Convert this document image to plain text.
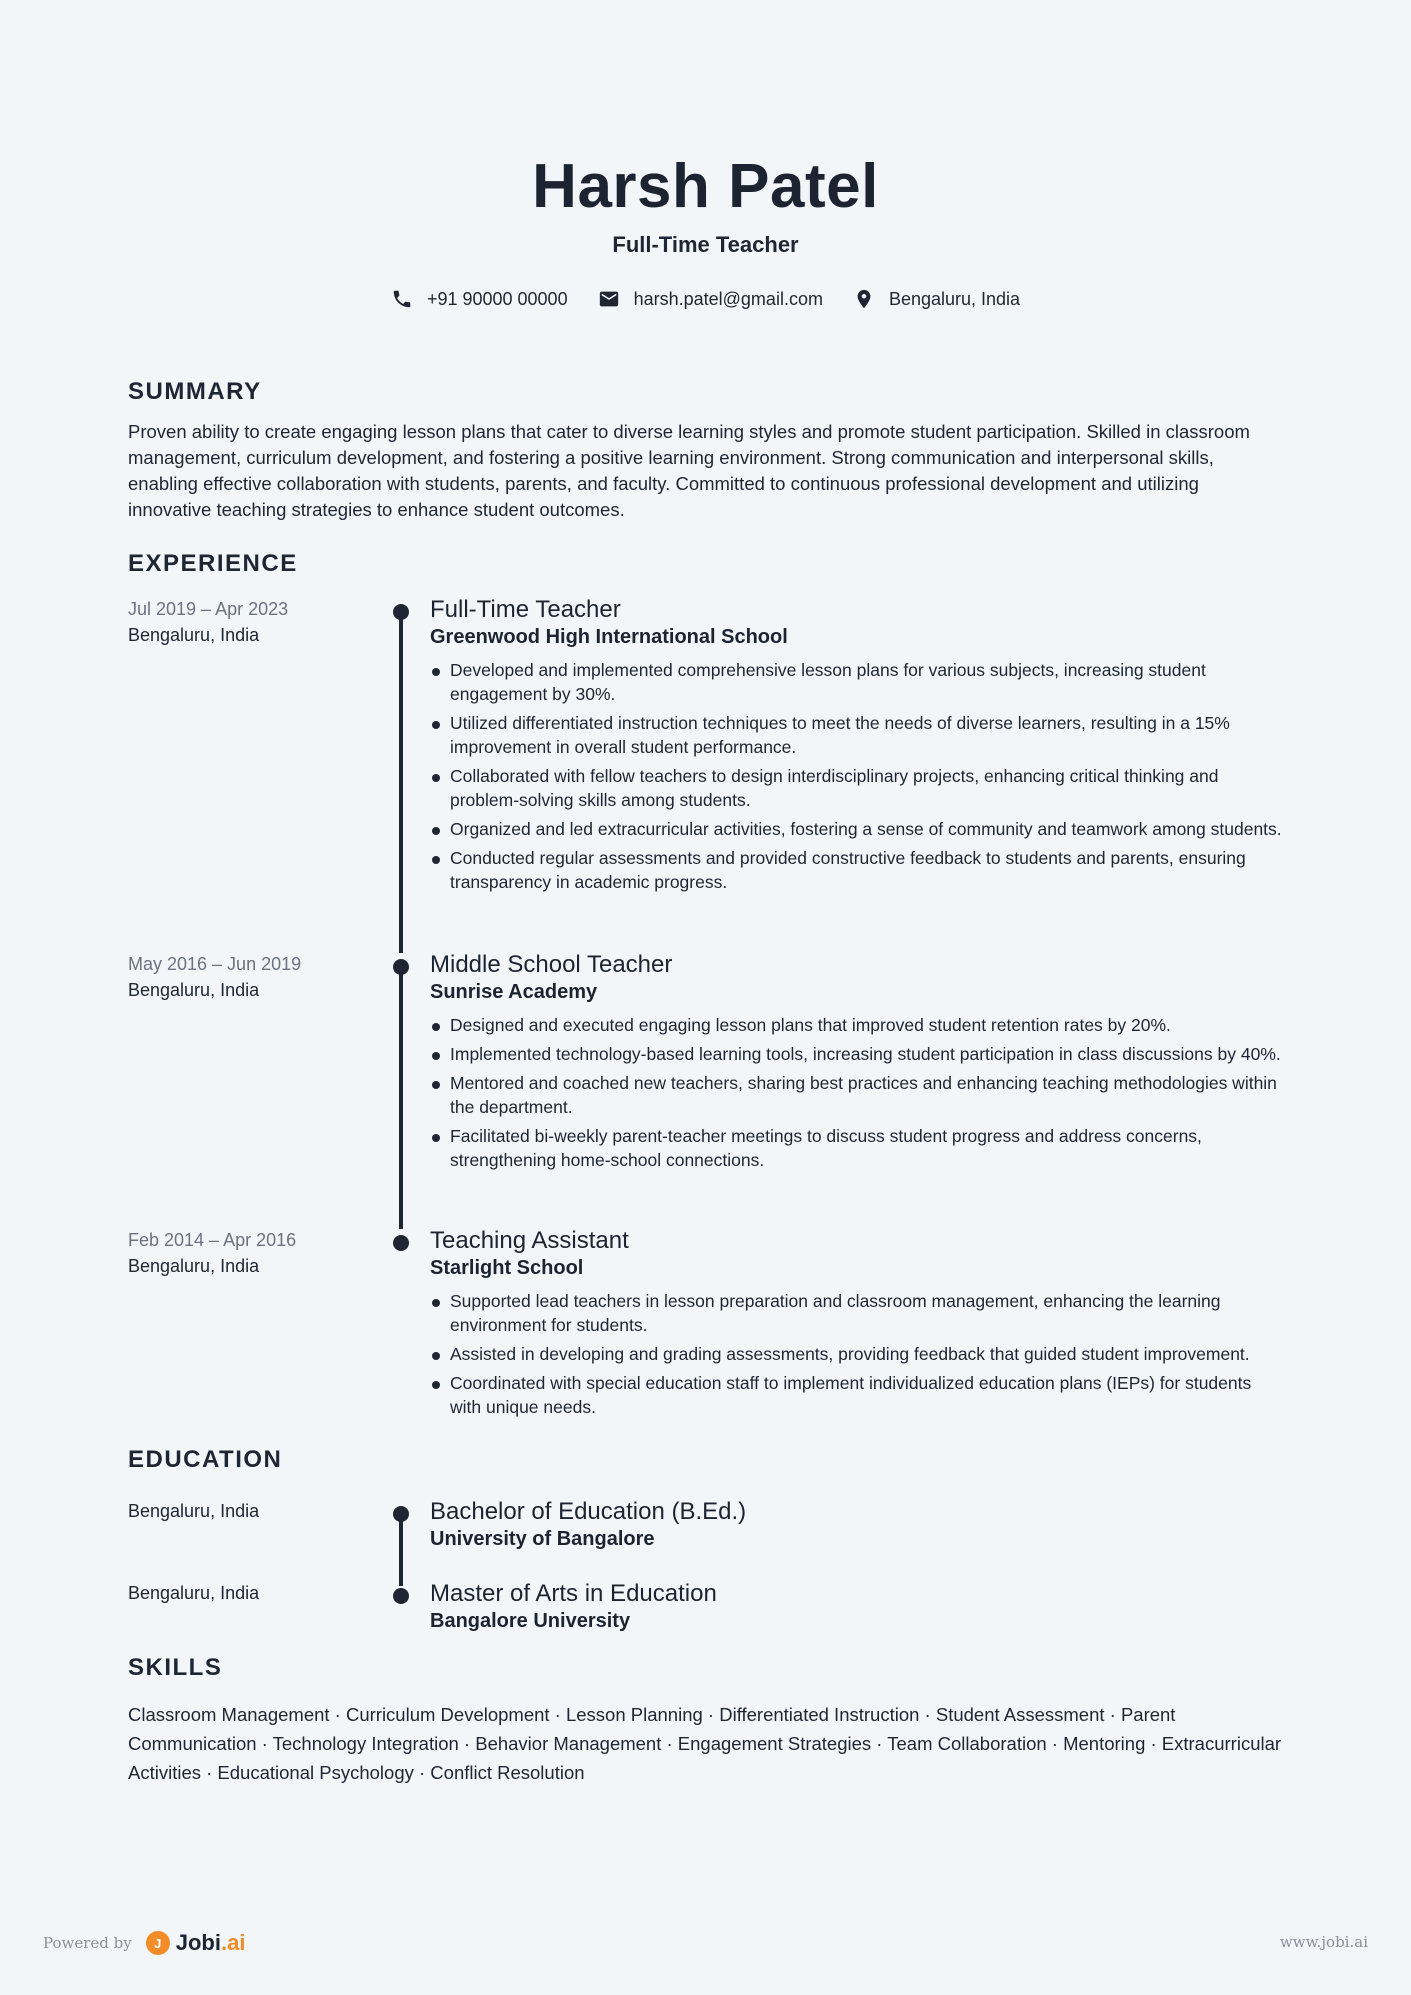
Harsh Patel
Full-Time Teacher
+91 90000 00000	harsh.patel@gmail.com	Bengaluru, India
SUMMARY

Proven ability to create engaging lesson plans that cater to diverse learning styles and promote student participation. Skilled in classroom management, curriculum development, and fostering a positive learning environment. Strong communication and interpersonal skills, enabling effective collaboration with students, parents, and faculty. Committed to continuous professional development and utilizing innovative teaching strategies to enhance student outcomes.

EXPERIENCE
Jul 2019 – Apr 2023
Bengaluru, India
Full-Time Teacher
Greenwood High International School
Developed and implemented comprehensive lesson plans for various subjects, increasing student engagement by 30%.
Utilized differentiated instruction techniques to meet the needs of diverse learners, resulting in a 15% improvement in overall student performance.
Collaborated with fellow teachers to design interdisciplinary projects, enhancing critical thinking and problem-solving skills among students.
Organized and led extracurricular activities, fostering a sense of community and teamwork among students.
Conducted regular assessments and provided constructive feedback to students and parents, ensuring transparency in academic progress.
May 2016 – Jun 2019
Bengaluru, India
Middle School Teacher
Sunrise Academy
Designed and executed engaging lesson plans that improved student retention rates by 20%.
Implemented technology-based learning tools, increasing student participation in class discussions by 40%.
Mentored and coached new teachers, sharing best practices and enhancing teaching methodologies within the department.
Facilitated bi-weekly parent-teacher meetings to discuss student progress and address concerns, strengthening home-school connections.
Feb 2014 – Apr 2016
Bengaluru, India
Teaching Assistant
Starlight School
Supported lead teachers in lesson preparation and classroom management, enhancing the learning environment for students.
Assisted in developing and grading assessments, providing feedback that guided student improvement.
Coordinated with special education staff to implement individualized education plans (IEPs) for students with unique needs.
EDUCATION
Bengaluru, India	Bachelor of Education (B.Ed.)
University of Bangalore
Bengaluru, India	Master of Arts in Education
Bangalore University
SKILLS

Classroom Management · Curriculum Development · Lesson Planning · Differentiated Instruction · Student Assessment · Parent Communication · Technology Integration · Behavior Management · Engagement Strategies · Team Collaboration · Mentoring · Extracurricular Activities · Educational Psychology · Conflict Resolution

Powered by	J Jobi.ai	www.jobi.ai
